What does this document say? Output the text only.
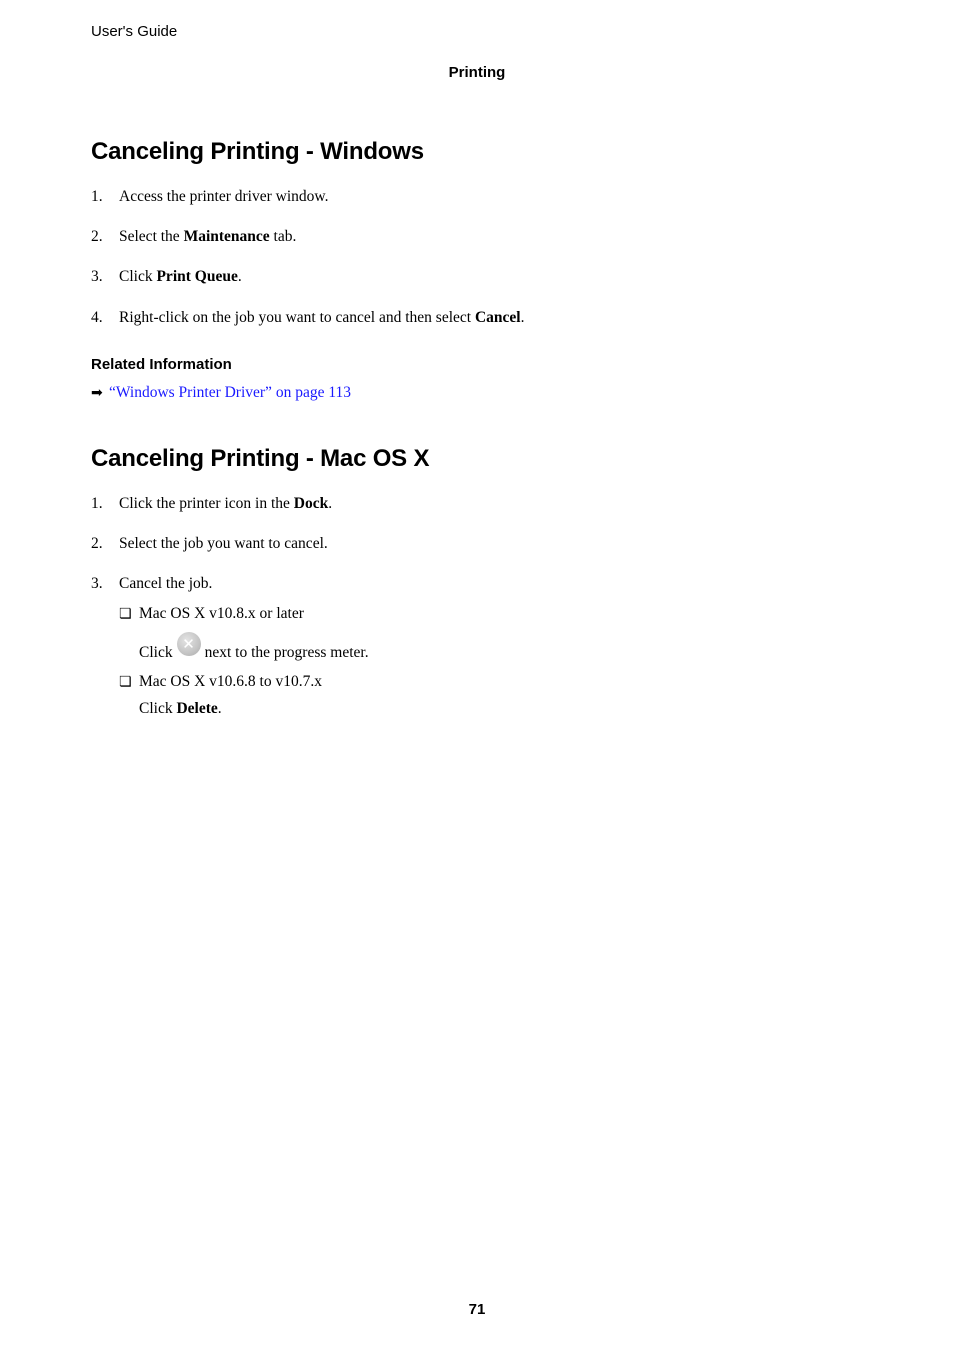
User's Guide
Printing
Canceling Printing - Windows
1. Access the printer driver window.
2. Select the Maintenance tab.
3. Click Print Queue.
4. Right-click on the job you want to cancel and then select Cancel.
Related Information
➡ “Windows Printer Driver” on page 113
Canceling Printing - Mac OS X
1. Click the printer icon in the Dock.
2. Select the job you want to cancel.
3. Cancel the job.
❏ Mac OS X v10.8.x or later
Click ✕ next to the progress meter.
❏ Mac OS X v10.6.8 to v10.7.x
Click Delete.
71
